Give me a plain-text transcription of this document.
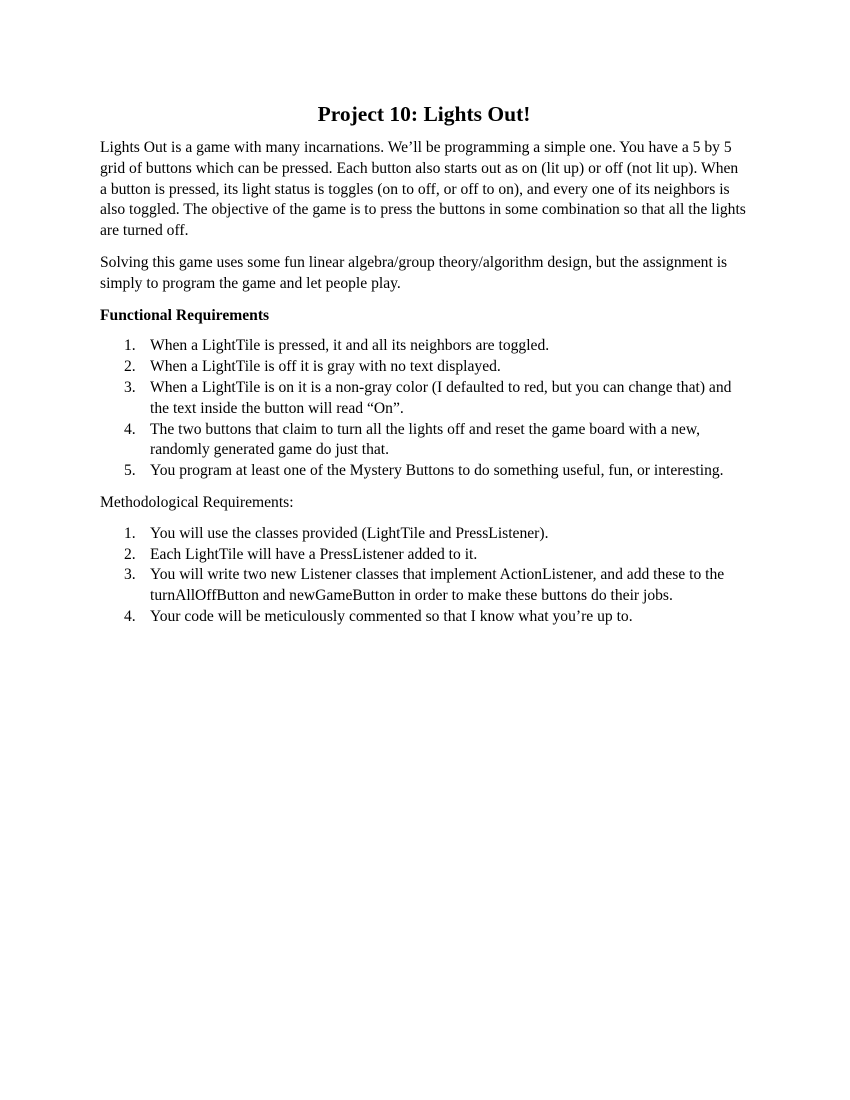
Project 10: Lights Out!

Lights Out is a game with many incarnations. We’ll be programming a simple one. You have a 5 by 5 grid of buttons which can be pressed. Each button also starts out as on (lit up) or off (not lit up). When a button is pressed, its light status is toggles (on to off, or off to on), and every one of its neighbors is also toggled. The objective of the game is to press the buttons in some combination so that all the lights are turned off.

Solving this game uses some fun linear algebra/group theory/algorithm design, but the assignment is simply to program the game and let people play.

Functional Requirements
1. When a LightTile is pressed, it and all its neighbors are toggled.
2. When a LightTile is off it is gray with no text displayed.
3. When a LightTile is on it is a non-gray color (I defaulted to red, but you can change that) and the text inside the button will read “On”.
4. The two buttons that claim to turn all the lights off and reset the game board with a new, randomly generated game do just that.
5. You program at least one of the Mystery Buttons to do something useful, fun, or interesting.
Methodological Requirements:
1. You will use the classes provided (LightTile and PressListener).
2. Each LightTile will have a PressListener added to it.
3. You will write two new Listener classes that implement ActionListener, and add these to the turnAllOffButton and newGameButton in order to make these buttons do their jobs.
4. Your code will be meticulously commented so that I know what you’re up to.
